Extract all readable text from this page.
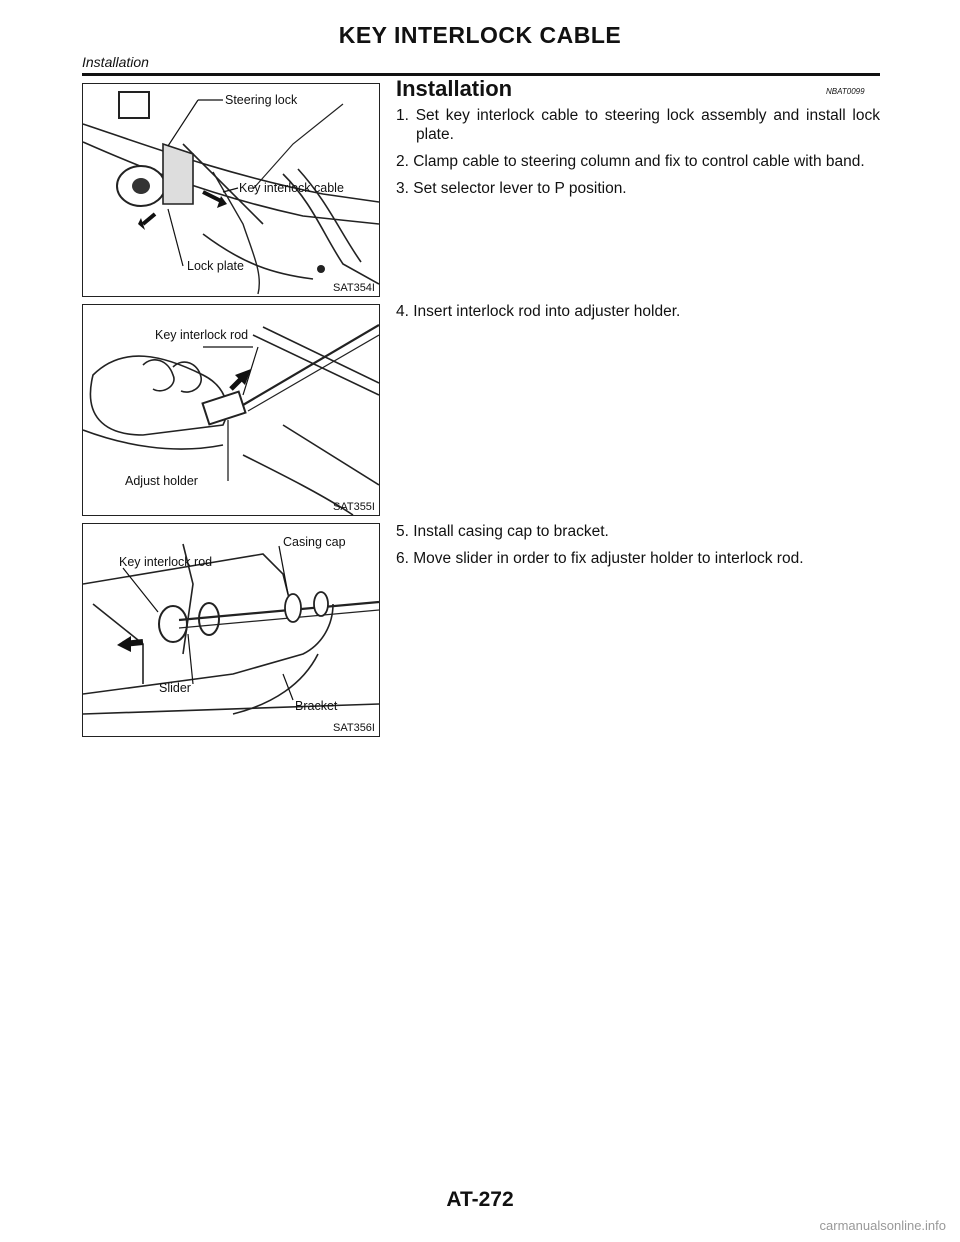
KEY INTERLOCK CABLE
Installation
Steering lock
Key interlock cable
Lock plate
SAT354I
Key interlock rod
Adjust holder
SAT355I
Casing cap
Key interlock rod
Slider
Bracket
SAT356I
Installation	NBAT0099
1. Set key interlock cable to steering lock assembly and install lock plate.
2. Clamp cable to steering column and fix to control cable with band.
3. Set selector lever to P position.
4. Insert interlock rod into adjuster holder.
5. Install casing cap to bracket.
6. Move slider in order to fix adjuster holder to interlock rod.
AT-272
carmanualsonline.info
